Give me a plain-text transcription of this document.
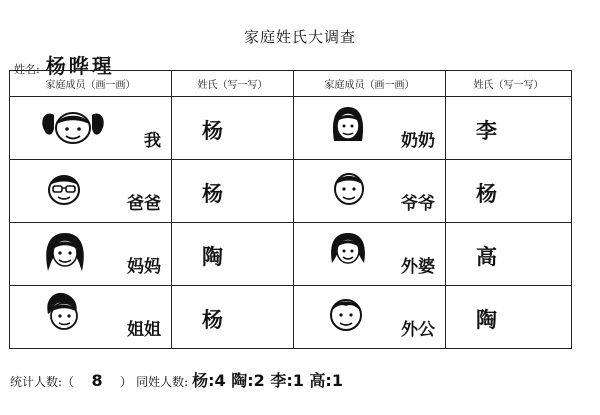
家庭姓氏大调查
姓名: 杨晔瑆
家庭成员（画一画）	姓氏（写一写）	家庭成员（画一画）	姓氏（写一写）

我	杨	奶奶	李

爸爸	杨	爷爷	杨

妈妈	陶	外婆	高

姐姐	杨	外公	陶
统计人数:（	8	） 同姓人数: 杨:4 陶:2 李:1 高:1
